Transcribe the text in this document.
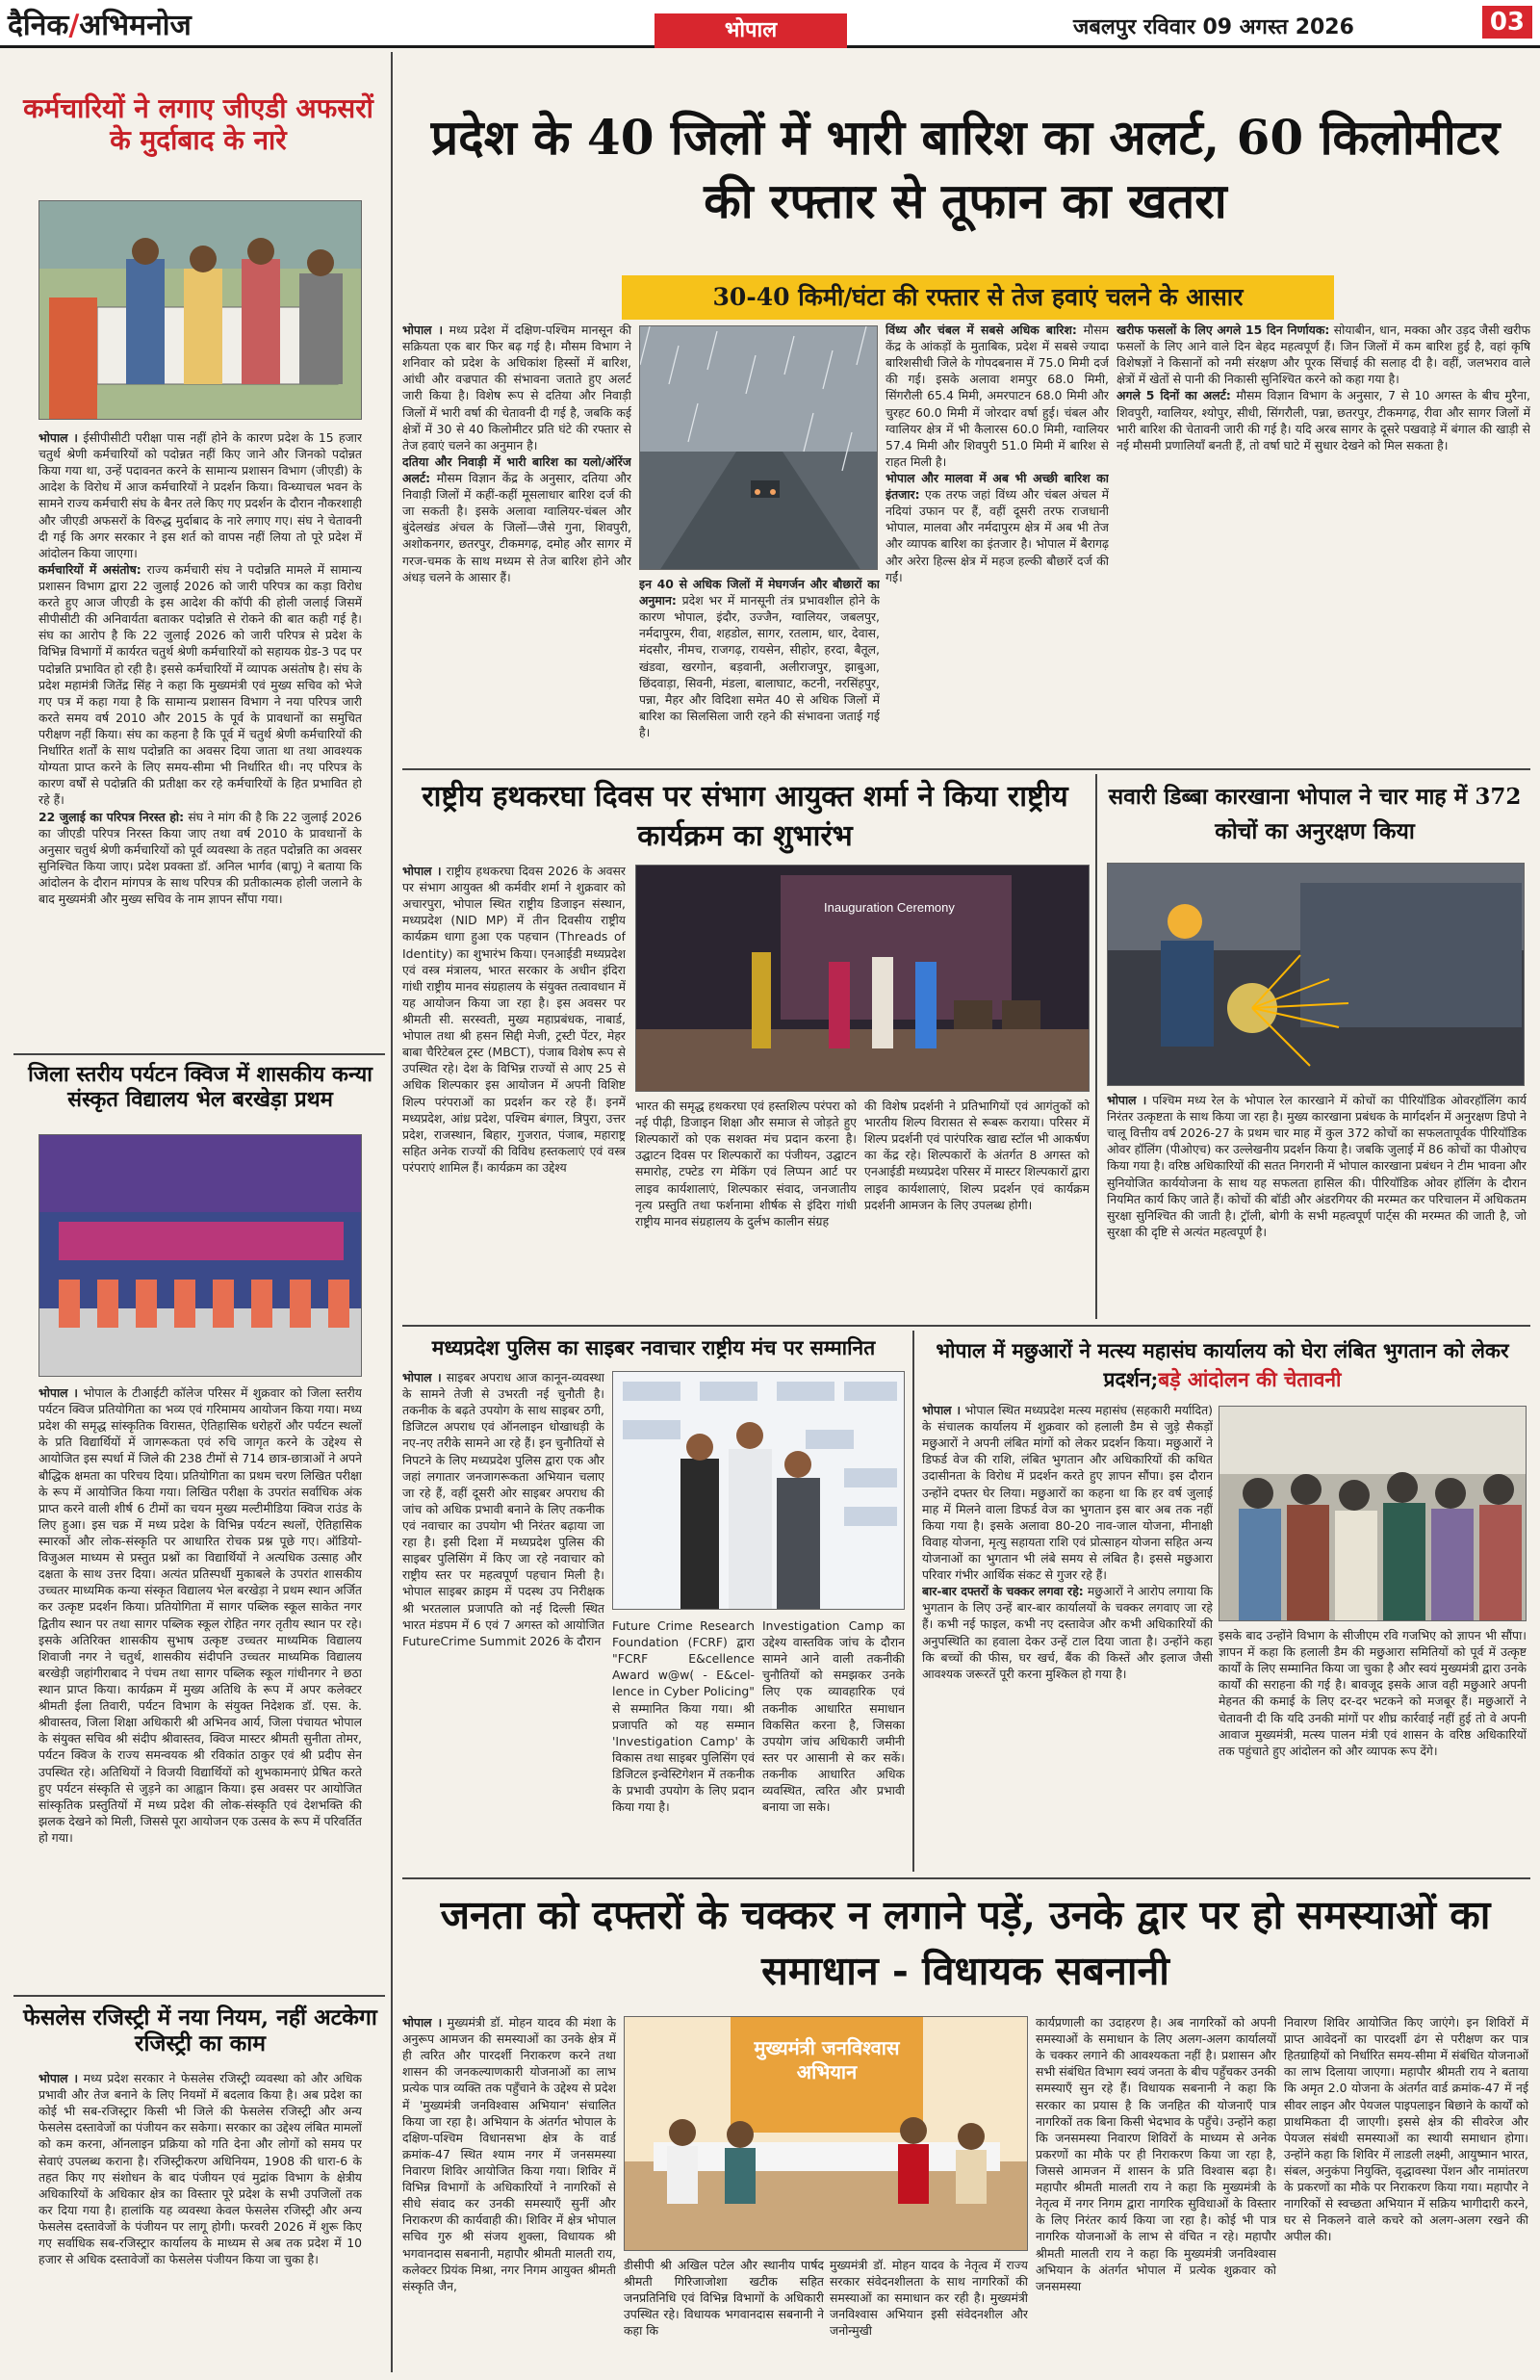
दैनिक/अभिमनोज	भोपाल	जबलपुर रविवार 09 अगस्त 2026	03
कर्मचारियों ने लगाए जीएडी अफसरों के मुर्दाबाद के नारे
भोपाल । ईसीपीसीटी परीक्षा पास नहीं होने के कारण प्रदेश के 15 हजार चतुर्थ श्रेणी कर्मचारियों को पदोन्नत नहीं किए जाने और जिनको पदोन्नत किया गया था, उन्हें पदावनत करने के सामान्य प्रशासन विभाग (जीएडी) के आदेश के विरोध में आज कर्मचारियों ने प्रदर्शन किया। विन्ध्याचल भवन के सामने राज्य कर्मचारी संघ के बैनर तले किए गए प्रदर्शन के दौरान नौकरशाही और जीएडी अफसरों के विरुद्ध मुर्दाबाद के नारे लगाए गए। संघ ने चेतावनी दी गई कि अगर सरकार ने इस शर्त को वापस नहीं लिया तो पूरे प्रदेश में आंदोलन किया जाएगा।
कर्मचारियों में असंतोष: राज्य कर्मचारी संघ ने पदोन्नति मामले में सामान्य प्रशासन विभाग द्वारा 22 जुलाई 2026 को जारी परिपत्र का कड़ा विरोध करते हुए आज जीएडी के इस आदेश की कॉपी की होली जलाई जिसमें सीपीसीटी की अनिवार्यता बताकर पदोन्नति से रोकने की बात कही गई है। संघ का आरोप है कि 22 जुलाई 2026 को जारी परिपत्र से प्रदेश के विभिन्न विभागों में कार्यरत चतुर्थ श्रेणी कर्मचारियों को सहायक ग्रेड-3 पद पर पदोन्नति प्रभावित हो रही है। इससे कर्मचारियों में व्यापक असंतोष है। संघ के प्रदेश महामंत्री जितेंद्र सिंह ने कहा कि मुख्यमंत्री एवं मुख्य सचिव को भेजे गए पत्र में कहा गया है कि सामान्य प्रशासन विभाग ने नया परिपत्र जारी करते समय वर्ष 2010 और 2015 के पूर्व के प्रावधानों का समुचित परीक्षण नहीं किया। संघ का कहना है कि पूर्व में चतुर्थ श्रेणी कर्मचारियों की निर्धारित शर्तों के साथ पदोन्नति का अवसर दिया जाता था तथा आवश्यक योग्यता प्राप्त करने के लिए समय-सीमा भी निर्धारित थी। नए परिपत्र के कारण वर्षों से पदोन्नति की प्रतीक्षा कर रहे कर्मचारियों के हित प्रभावित हो रहे हैं।
22 जुलाई का परिपत्र निरस्त हो: संघ ने मांग की है कि 22 जुलाई 2026 का जीएडी परिपत्र निरस्त किया जाए तथा वर्ष 2010 के प्रावधानों के अनुसार चतुर्थ श्रेणी कर्मचारियों को पूर्व व्यवस्था के तहत पदोन्नति का अवसर सुनिश्चित किया जाए। प्रदेश प्रवक्ता डॉ. अनिल भार्गव (बापू) ने बताया कि आंदोलन के दौरान मांगपत्र के साथ परिपत्र की प्रतीकात्मक होली जलाने के बाद मुख्यमंत्री और मुख्य सचिव के नाम ज्ञापन सौंपा गया।
जिला स्तरीय पर्यटन क्विज में शासकीय कन्या संस्कृत विद्यालय भेल बरखेड़ा प्रथम
भोपाल । भोपाल के टीआईटी कॉलेज परिसर में शुक्रवार को जिला स्तरीय पर्यटन क्विज प्रतियोगिता का भव्य एवं गरिमामय आयोजन किया गया। मध्य प्रदेश की समृद्ध सांस्कृतिक विरासत, ऐतिहासिक धरोहरों और पर्यटन स्थलों के प्रति विद्यार्थियों में जागरूकता एवं रुचि जागृत करने के उद्देश्य से आयोजित इस स्पर्धा में जिले की 238 टीमों से 714 छात्र-छात्राओं ने अपने बौद्धिक क्षमता का परिचय दिया। प्रतियोगिता का प्रथम चरण लिखित परीक्षा के रूप में आयोजित किया गया। लिखित परीक्षा के उपरांत सर्वाधिक अंक प्राप्त करने वाली शीर्ष 6 टीमों का चयन मुख्य मल्टीमीडिया क्विज राउंड के लिए हुआ। इस चक्र में मध्य प्रदेश के विभिन्न पर्यटन स्थलों, ऐतिहासिक स्मारकों और लोक-संस्कृति पर आधारित रोचक प्रश्न पूछे गए। ऑडियो-विजुअल माध्यम से प्रस्तुत प्रश्नों का विद्यार्थियों ने अत्यधिक उत्साह और दक्षता के साथ उत्तर दिया। अत्यंत प्रतिस्पर्धी मुकाबले के उपरांत शासकीय उच्चतर माध्यमिक कन्या संस्कृत विद्यालय भेल बरखेड़ा ने प्रथम स्थान अर्जित कर उत्कृष्ट प्रदर्शन किया। प्रतियोगिता में सागर पब्लिक स्कूल साकेत नगर द्वितीय स्थान पर तथा सागर पब्लिक स्कूल रोहित नगर तृतीय स्थान पर रहे। इसके अतिरिक्त शासकीय सुभाष उत्कृष्ट उच्चतर माध्यमिक विद्यालय शिवाजी नगर ने चतुर्थ, शासकीय संदीपनि उच्चतर माध्यमिक विद्यालय बरखेड़ी जहांगीराबाद ने पंचम तथा सागर पब्लिक स्कूल गांधीनगर ने छठा स्थान प्राप्त किया। कार्यक्रम में मुख्य अतिथि के रूप में अपर कलेक्टर श्रीमती ईला तिवारी, पर्यटन विभाग के संयुक्त निदेशक डॉ. एस. के. श्रीवास्तव, जिला शिक्षा अधिकारी श्री अभिनव आर्य, जिला पंचायत भोपाल के संयुक्त सचिव श्री संदीप श्रीवास्तव, क्विज मास्टर श्रीमती सुनीता तोमर, पर्यटन क्विज के राज्य समन्वयक श्री रविकांत ठाकुर एवं श्री प्रदीप सेन उपस्थित रहे। अतिथियों ने विजयी विद्यार्थियों को शुभकामनाएं प्रेषित करते हुए पर्यटन संस्कृति से जुड़ने का आह्वान किया। इस अवसर पर आयोजित सांस्कृतिक प्रस्तुतियों में मध्य प्रदेश की लोक-संस्कृति एवं देशभक्ति की झलक देखने को मिली, जिससे पूरा आयोजन एक उत्सव के रूप में परिवर्तित हो गया।
फेसलेस रजिस्ट्री में नया नियम, नहीं अटकेगा रजिस्ट्री का काम
भोपाल । मध्य प्रदेश सरकार ने फेसलेस रजिस्ट्री व्यवस्था को और अधिक प्रभावी और तेज बनाने के लिए नियमों में बदलाव किया है। अब प्रदेश का कोई भी सब-रजिस्ट्रार किसी भी जिले की फेसलेस रजिस्ट्री और अन्य फेसलेस दस्तावेजों का पंजीयन कर सकेगा। सरकार का उद्देश्य लंबित मामलों को कम करना, ऑनलाइन प्रक्रिया को गति देना और लोगों को समय पर सेवाएं उपलब्ध कराना है। रजिस्ट्रीकरण अधिनियम, 1908 की धारा-6 के तहत किए गए संशोधन के बाद पंजीयन एवं मुद्रांक विभाग के क्षेत्रीय अधिकारियों के अधिकार क्षेत्र का विस्तार पूरे प्रदेश के सभी उपजिलों तक कर दिया गया है। हालांकि यह व्यवस्था केवल फेसलेस रजिस्ट्री और अन्य फेसलेस दस्तावेजों के पंजीयन पर लागू होगी। फरवरी 2026 में शुरू किए गए सर्वाधिक सब-रजिस्ट्रार कार्यालय के माध्यम से अब तक प्रदेश में 10 हजार से अधिक दस्तावेजों का फेसलेस पंजीयन किया जा चुका है।
प्रदेश के 40 जिलों में भारी बारिश का अलर्ट, 60 किलोमीटर की रफ्तार से तूफान का खतरा
30-40 किमी/घंटा की रफ्तार से तेज हवाएं चलने के आसार
भोपाल । मध्य प्रदेश में दक्षिण-पश्चिम मानसून की सक्रियता एक बार फिर बढ़ गई है। मौसम विभाग ने शनिवार को प्रदेश के अधिकांश हिस्सों में बारिश, आंधी और वज्रपात की संभावना जताते हुए अलर्ट जारी किया है। विशेष रूप से दतिया और निवाड़ी जिलों में भारी वर्षा की चेतावनी दी गई है, जबकि कई क्षेत्रों में 30 से 40 किलोमीटर प्रति घंटे की रफ्तार से तेज हवाएं चलने का अनुमान है।
दतिया और निवाड़ी में भारी बारिश का यलो/ऑरेंज अलर्ट: मौसम विज्ञान केंद्र के अनुसार, दतिया और निवाड़ी जिलों में कहीं-कहीं मूसलाधार बारिश दर्ज की जा सकती है। इसके अलावा ग्वालियर-चंबल और बुंदेलखंड अंचल के जिलों—जैसे गुना, शिवपुरी, अशोकनगर, छतरपुर, टीकमगढ़, दमोह और सागर में गरज-चमक के साथ मध्यम से तेज बारिश होने और अंधड़ चलने के आसार हैं।	इन 40 से अधिक जिलों में मेघगर्जन और बौछारों का अनुमान: प्रदेश भर में मानसूनी तंत्र प्रभावशील होने के कारण भोपाल, इंदौर, उज्जैन, ग्वालियर, जबलपुर, नर्मदापुरम, रीवा, शहडोल, सागर, रतलाम, धार, देवास, मंदसौर, नीमच, राजगढ़, रायसेन, सीहोर, हरदा, बैतूल, खंडवा, खरगोन, बड़वानी, अलीराजपुर, झाबुआ, छिंदवाड़ा, सिवनी, मंडला, बालाघाट, कटनी, नरसिंहपुर, पन्ना, मैहर और विदिशा समेत 40 से अधिक जिलों में बारिश का सिलसिला जारी रहने की संभावना जताई गई है।
विंध्य और चंबल में सबसे अधिक बारिश: मौसम केंद्र के आंकड़ों के मुताबिक, प्रदेश में सबसे ज्यादा बारिशसीधी जिले के गोपदबनास में 75.0 मिमी दर्ज की गई। इसके अलावा शमपुर 68.0 मिमी, सिंगरौली 65.4 मिमी, अमरपाटन 68.0 मिमी और चुरहट 60.0 मिमी में जोरदार वर्षा हुई। चंबल और ग्वालियर क्षेत्र में भी कैलारस 60.0 मिमी, ग्वालियर 57.4 मिमी और शिवपुरी 51.0 मिमी में बारिश से राहत मिली है।
भोपाल और मालवा में अब भी अच्छी बारिश का इंतजार: एक तरफ जहां विंध्य और चंबल अंचल में नदियां उफान पर हैं, वहीं दूसरी तरफ राजधानी भोपाल, मालवा और नर्मदापुरम क्षेत्र में अब भी तेज और व्यापक बारिश का इंतजार है। भोपाल में बैरागढ़ और अरेरा हिल्स क्षेत्र में महज हल्की बौछारें दर्ज की गईं।
खरीफ फसलों के लिए अगले 15 दिन निर्णायक: सोयाबीन, धान, मक्का और उड़द जैसी खरीफ फसलों के लिए आने वाले दिन बेहद महत्वपूर्ण हैं। जिन जिलों में कम बारिश हुई है, वहां कृषि विशेषज्ञों ने किसानों को नमी संरक्षण और पूरक सिंचाई की सलाह दी है। वहीं, जलभराव वाले क्षेत्रों में खेतों से पानी की निकासी सुनिश्चित करने को कहा गया है।
अगले 5 दिनों का अलर्ट: मौसम विज्ञान विभाग के अनुसार, 7 से 10 अगस्त के बीच मुरैना, शिवपुरी, ग्वालियर, श्योपुर, सीधी, सिंगरौली, पन्ना, छतरपुर, टीकमगढ़, रीवा और सागर जिलों में भारी बारिश की चेतावनी जारी की गई है। यदि अरब सागर के दूसरे पखवाड़े में बंगाल की खाड़ी से नई मौसमी प्रणालियाँ बनती हैं, तो वर्षा घाटे में सुधार देखने को मिल सकता है।
राष्ट्रीय हथकरघा दिवस पर संभाग आयुक्त शर्मा ने किया राष्ट्रीय कार्यक्रम का शुभारंभ
भोपाल । राष्ट्रीय हथकरघा दिवस 2026 के अवसर पर संभाग आयुक्त श्री कर्मवीर शर्मा ने शुक्रवार को अचारपुरा, भोपाल स्थित राष्ट्रीय डिजाइन संस्थान, मध्यप्रदेश (NID MP) में तीन दिवसीय राष्ट्रीय कार्यक्रम धागा हुआ एक पहचान (Threads of Identity) का शुभारंभ किया। एनआईडी मध्यप्रदेश एवं वस्त्र मंत्रालय, भारत सरकार के अधीन इंदिरा गांधी राष्ट्रीय मानव संग्रहालय के संयुक्त तत्वावधान में यह आयोजन किया जा रहा है। इस अवसर पर श्रीमती सी. सरस्वती, मुख्य महाप्रबंधक, नाबार्ड, भोपाल तथा श्री हसन सिद्दी मेजी, ट्रस्टी पेंटर, मेहर बाबा चैरिटेबल ट्रस्ट (MBCT), पंजाब विशेष रूप से उपस्थित रहे। देश के विभिन्न राज्यों से आए 25 से अधिक शिल्पकार इस आयोजन में अपनी विशिष्ट शिल्प परंपराओं का प्रदर्शन कर रहे हैं। इनमें मध्यप्रदेश, आंध्र प्रदेश, पश्चिम बंगाल, त्रिपुरा, उत्तर प्रदेश, राजस्थान, बिहार, गुजरात, पंजाब, महाराष्ट्र सहित अनेक राज्यों की विविध हस्तकलाएं एवं वस्त्र परंपराएं शामिल हैं। कार्यक्रम का उद्देश्य
Inauguration Ceremony
भारत की समृद्ध हथकरघा एवं हस्तशिल्प परंपरा को नई पीढ़ी, डिजाइन शिक्षा और समाज से जोड़ते हुए शिल्पकारों को एक सशक्त मंच प्रदान करना है। उद्घाटन दिवस पर शिल्पकारों का पंजीयन, उद्घाटन समारोह, टफ्टेड रग मेकिंग एवं लिप्पन आर्ट पर लाइव कार्यशालाएं, शिल्पकार संवाद, जनजातीय नृत्य प्रस्तुति तथा फर्शनामा शीर्षक से इंदिरा गांधी राष्ट्रीय मानव संग्रहालय के दुर्लभ कालीन संग्रह
की विशेष प्रदर्शनी ने प्रतिभागियों एवं आगंतुकों को भारतीय शिल्प विरासत से रूबरू कराया। परिसर में शिल्प प्रदर्शनी एवं पारंपरिक खाद्य स्टॉल भी आकर्षण का केंद्र रहे। शिल्पकारों के अंतर्गत 8 अगस्त को एनआईडी मध्यप्रदेश परिसर में मास्टर शिल्पकारों द्वारा लाइव कार्यशालाएं, शिल्प प्रदर्शन एवं कार्यक्रम प्रदर्शनी आमजन के लिए उपलब्ध होगी।
सवारी डिब्बा कारखाना भोपाल ने चार माह में 372 कोचों का अनुरक्षण किया
भोपाल । पश्चिम मध्य रेल के भोपाल रेल कारखाने में कोचों का पीरियॉडिक ओवरहॉलिंग कार्य निरंतर उत्कृष्टता के साथ किया जा रहा है। मुख्य कारखाना प्रबंधक के मार्गदर्शन में अनुरक्षण डिपो ने चालू वित्तीय वर्ष 2026-27 के प्रथम चार माह में कुल 372 कोचों का सफलतापूर्वक पीरियॉडिक ओवर हॉलिंग (पीओएच) कर उल्लेखनीय प्रदर्शन किया है। जबकि जुलाई में 86 कोचों का पीओएच किया गया है। वरिष्ठ अधिकारियों की सतत निगरानी में भोपाल कारखाना प्रबंधन ने टीम भावना और सुनियोजित कार्ययोजना के साथ यह सफलता हासिल की। पीरियॉडिक ओवर हॉलिंग के दौरान नियमित कार्य किए जाते हैं। कोचों की बॉडी और अंडरगियर की मरम्मत कर परिचालन में अधिकतम सुरक्षा सुनिश्चित की जाती है। ट्रॉली, बोगी के सभी महत्वपूर्ण पार्ट्स की मरम्मत की जाती है, जो सुरक्षा की दृष्टि से अत्यंत महत्वपूर्ण है।
मध्यप्रदेश पुलिस का साइबर नवाचार राष्ट्रीय मंच पर सम्मानित
भोपाल । साइबर अपराध आज कानून-व्यवस्था के सामने तेजी से उभरती नई चुनौती है। तकनीक के बढ़ते उपयोग के साथ साइबर ठगी, डिजिटल अपराध एवं ऑनलाइन धोखाधड़ी के नए-नए तरीके सामने आ रहे हैं। इन चुनौतियों से निपटने के लिए मध्यप्रदेश पुलिस द्वारा एक और जहां लगातार जनजागरूकता अभियान चलाए जा रहे हैं, वहीं दूसरी ओर साइबर अपराध की जांच को अधिक प्रभावी बनाने के लिए तकनीक एवं नवाचार का उपयोग भी निरंतर बढ़ाया जा रहा है। इसी दिशा में मध्यप्रदेश पुलिस की साइबर पुलिसिंग में किए जा रहे नवाचार को राष्ट्रीय स्तर पर महत्वपूर्ण पहचान मिली है। भोपाल साइबर क्राइम में पदस्थ उप निरीक्षक श्री भरतलाल प्रजापति को नई दिल्ली स्थित भारत मंडपम में 6 एवं 7 अगस्त को आयोजित FutureCrime Summit 2026 के दौरान
Future Crime Research Foundation (FCRF) द्वारा "FCRF E&cellence Award w@w( - E&cel-lence in Cyber Policing" से सम्मानित किया गया। श्री प्रजापति को यह सम्मान 'Investigation Camp' के विकास तथा साइबर पुलिसिंग एवं डिजिटल इन्वेस्टिगेशन में तकनीक के प्रभावी उपयोग के लिए प्रदान किया गया है।
Investigation Camp का उद्देश्य वास्तविक जांच के दौरान सामने आने वाली तकनीकी चुनौतियों को समझकर उनके लिए एक व्यावहारिक एवं तकनीक आधारित समाधान विकसित करना है, जिसका उपयोग जांच अधिकारी जमीनी स्तर पर आसानी से कर सकें। तकनीक आधारित अधिक व्यवस्थित, त्वरित और प्रभावी बनाया जा सके।
भोपाल में मछुआरों ने मत्स्य महासंघ कार्यालय को घेरा लंबित भुगतान को लेकर प्रदर्शन;बड़े आंदोलन की चेतावनी
भोपाल । भोपाल स्थित मध्यप्रदेश मत्स्य महासंघ (सहकारी मर्यादित) के संचालक कार्यालय में शुक्रवार को हलाली डैम से जुड़े सैकड़ों मछुआरों ने अपनी लंबित मांगों को लेकर प्रदर्शन किया। मछुआरों ने डिफर्ड वेज की राशि, लंबित भुगतान और अधिकारियों की कथित उदासीनता के विरोध में प्रदर्शन करते हुए ज्ञापन सौंपा। इस दौरान उन्होंने दफ्तर घेर लिया। मछुआरों का कहना था कि हर वर्ष जुलाई माह में मिलने वाला डिफर्ड वेज का भुगतान इस बार अब तक नहीं किया गया है। इसके अलावा 80-20 नाव-जाल योजना, मीनाक्षी विवाह योजना, मृत्यु सहायता राशि एवं प्रोत्साहन योजना सहित अन्य योजनाओं का भुगतान भी लंबे समय से लंबित है। इससे मछुआरा परिवार गंभीर आर्थिक संकट से गुजर रहे हैं।
बार-बार दफ्तरों के चक्कर लगवा रहे: मछुआरों ने आरोप लगाया कि भुगतान के लिए उन्हें बार-बार कार्यालयों के चक्कर लगवाए जा रहे हैं। कभी नई फाइल, कभी नए दस्तावेज और कभी अधिकारियों की अनुपस्थिति का हवाला देकर उन्हें टाल दिया जाता है। उन्होंने कहा कि बच्चों की फीस, घर खर्च, बैंक की किस्तें और इलाज जैसी आवश्यक जरूरतें पूरी करना मुश्किल हो गया है।
इसके बाद उन्होंने विभाग के सीजीएम रवि गजभिए को ज्ञापन भी सौंपा। ज्ञापन में कहा कि हलाली डैम की मछुआरा समितियों को पूर्व में उत्कृष्ट कार्यों के लिए सम्मानित किया जा चुका है और स्वयं मुख्यमंत्री द्वारा उनके कार्यों की सराहना की गई है। बावजूद इसके आज वही मछुआरे अपनी मेहनत की कमाई के लिए दर-दर भटकने को मजबूर हैं। मछुआरों ने चेतावनी दी कि यदि उनकी मांगों पर शीघ्र कार्रवाई नहीं हुई तो वे अपनी आवाज मुख्यमंत्री, मत्स्य पालन मंत्री एवं शासन के वरिष्ठ अधिकारियों तक पहुंचाते हुए आंदोलन को और व्यापक रूप देंगे।
जनता को दफ्तरों के चक्कर न लगाने पड़ें, उनके द्वार पर हो समस्याओं का समाधान - विधायक सबनानी
भोपाल । मुख्यमंत्री डॉ. मोहन यादव की मंशा के अनुरूप आमजन की समस्याओं का उनके क्षेत्र में ही त्वरित और पारदर्शी निराकरण करने तथा शासन की जनकल्याणकारी योजनाओं का लाभ प्रत्येक पात्र व्यक्ति तक पहुँचाने के उद्देश्य से प्रदेश में 'मुख्यमंत्री जनविश्वास अभियान' संचालित किया जा रहा है। अभियान के अंतर्गत भोपाल के दक्षिण-पश्चिम विधानसभा क्षेत्र के वार्ड क्रमांक-47 स्थित श्याम नगर में जनसमस्या निवारण शिविर आयोजित किया गया। शिविर में विभिन्न विभागों के अधिकारियों ने नागरिकों से सीधे संवाद कर उनकी समस्याएँ सुनीं और निराकरण की कार्यवाही की। शिविर में क्षेत्र भोपाल सचिव गुरु श्री संजय शुक्ला, विधायक श्री भगवानदास सबनानी, महापौर श्रीमती मालती राय, कलेक्टर प्रियंक मिश्रा, नगर निगम आयुक्त श्रीमती संस्कृति जैन,
मुख्यमंत्री जनविश्वास अभियान
डीसीपी श्री अखिल पटेल और स्थानीय पार्षद श्रीमती गिरिजाजोशा खटीक सहित जनप्रतिनिधि एवं विभिन्न विभागों के अधिकारी उपस्थित रहे। विधायक भगवानदास सबनानी ने कहा कि
मुख्यमंत्री डॉ. मोहन यादव के नेतृत्व में राज्य सरकार संवेदनशीलता के साथ नागरिकों की समस्याओं का समाधान कर रही है। मुख्यमंत्री जनविश्वास अभियान इसी संवेदनशील और जनोन्मुखी
कार्यप्रणाली का उदाहरण है। अब नागरिकों को अपनी समस्याओं के समाधान के लिए अलग-अलग कार्यालयों के चक्कर लगाने की आवश्यकता नहीं है। प्रशासन और सभी संबंधित विभाग स्वयं जनता के बीच पहुँचकर उनकी समस्याएँ सुन रहे हैं। विधायक सबनानी ने कहा कि सरकार का प्रयास है कि जनहित की योजनाएँ पात्र नागरिकों तक बिना किसी भेदभाव के पहुँचे। उन्होंने कहा कि जनसमस्या निवारण शिविरों के माध्यम से अनेक प्रकरणों का मौके पर ही निराकरण किया जा रहा है, जिससे आमजन में शासन के प्रति विश्वास बढ़ा है। महापौर श्रीमती मालती राय ने कहा कि मुख्यमंत्री के नेतृत्व में नगर निगम द्वारा नागरिक सुविधाओं के विस्तार के लिए निरंतर कार्य किया जा रहा है। कोई भी पात्र नागरिक योजनाओं के लाभ से वंचित न रहे। महापौर श्रीमती मालती राय ने कहा कि मुख्यमंत्री जनविश्वास अभियान के अंतर्गत भोपाल में प्रत्येक शुक्रवार को जनसमस्या
निवारण शिविर आयोजित किए जाएंगे। इन शिविरों में प्राप्त आवेदनों का पारदर्शी ढंग से परीक्षण कर पात्र हितग्राहियों को निर्धारित समय-सीमा में संबंधित योजनाओं का लाभ दिलाया जाएगा। महापौर श्रीमती राय ने बताया कि अमृत 2.0 योजना के अंतर्गत वार्ड क्रमांक-47 में नई सीवर लाइन और पेयजल पाइपलाइन बिछाने के कार्यों को प्राथमिकता दी जाएगी। इससे क्षेत्र की सीवरेज और पेयजल संबंधी समस्याओं का स्थायी समाधान होगा। उन्होंने कहा कि शिविर में लाडली लक्ष्मी, आयुष्मान भारत, संबल, अनुकंपा नियुक्ति, वृद्धावस्था पेंशन और नामांतरण के प्रकरणों का मौके पर निराकरण किया गया। महापौर ने नागरिकों से स्वच्छता अभियान में सक्रिय भागीदारी करने, घर से निकलने वाले कचरे को अलग-अलग रखने की अपील की।
